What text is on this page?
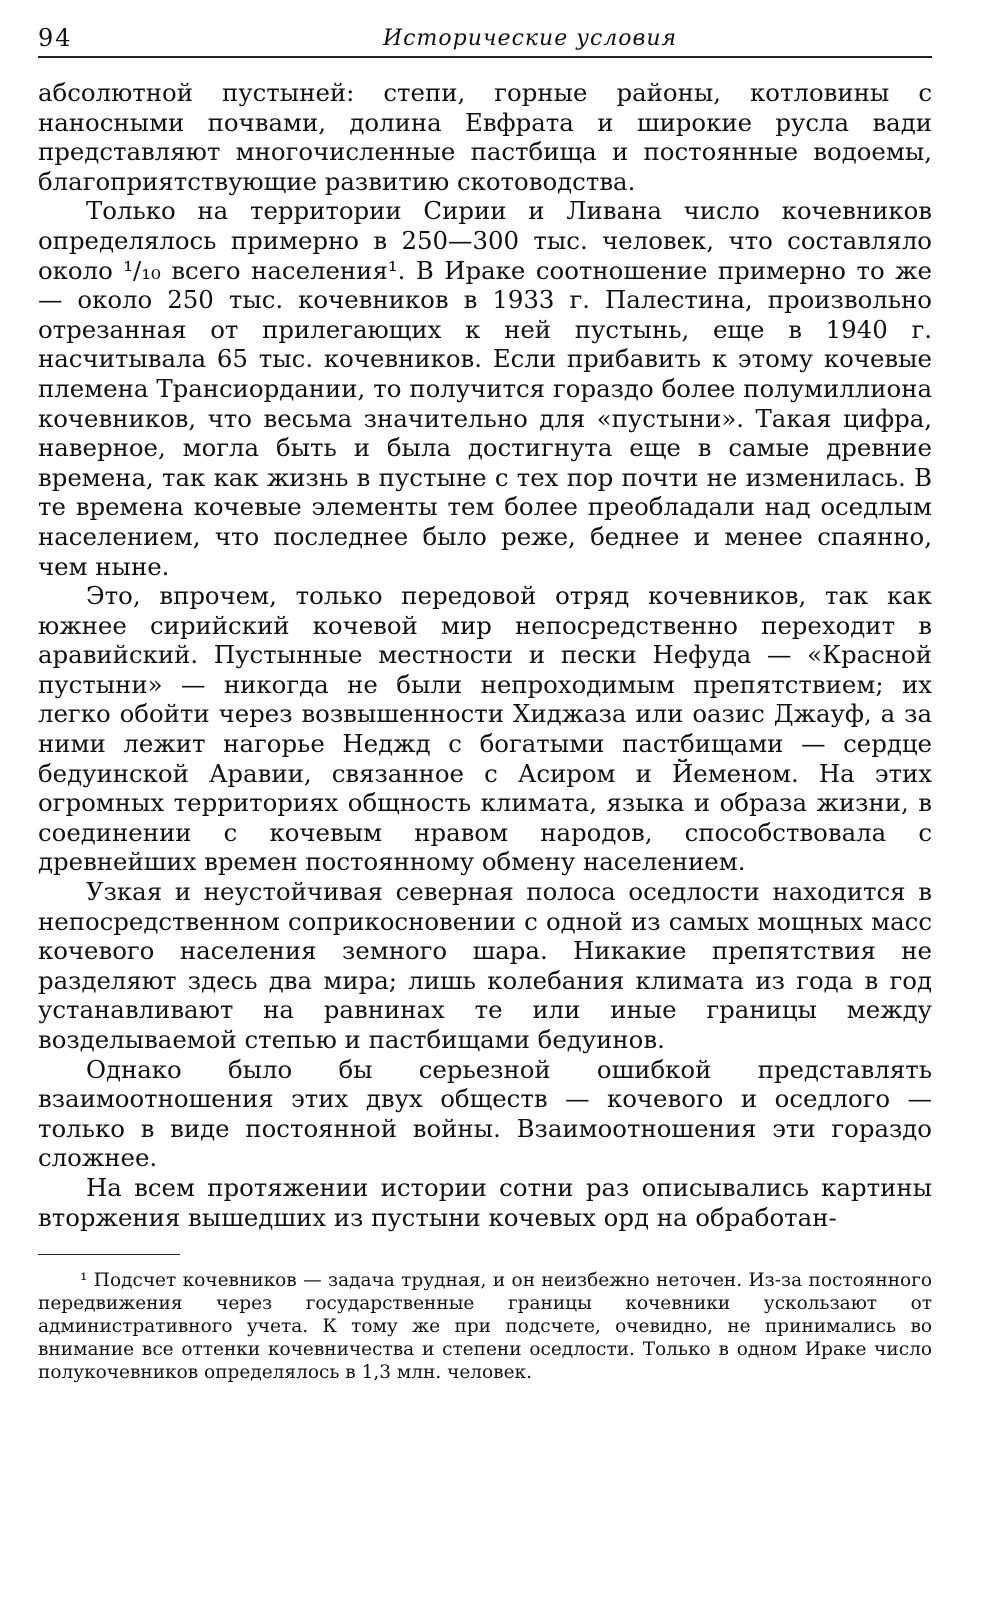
94	Исторические условия

абсолютной пустыней: степи, горные районы, котловины с наносными почвами, долина Евфрата и широкие русла вади представляют многочисленные пастбища и постоянные водоемы, благоприятствующие развитию скотоводства.

Только на территории Сирии и Ливана число кочевников определялось примерно в 250—300 тыс. человек, что составляло около ¹/₁₀ всего населения¹. В Ираке соотношение примерно то же — около 250 тыс. кочевников в 1933 г. Палестина, произвольно отрезанная от прилегающих к ней пустынь, еще в 1940 г. насчитывала 65 тыс. кочевников. Если прибавить к этому кочевые племена Трансиордании, то получится гораздо более полумиллиона кочевников, что весьма значительно для «пустыни». Такая цифра, наверное, могла быть и была достигнута еще в самые древние времена, так как жизнь в пустыне с тех пор почти не изменилась. В те времена кочевые элементы тем более преобладали над оседлым населением, что последнее было реже, беднее и менее спаянно, чем ныне.

Это, впрочем, только передовой отряд кочевников, так как южнее сирийский кочевой мир непосредственно переходит в аравийский. Пустынные местности и пески Нефуда — «Красной пустыни» — никогда не были непроходимым препятствием; их легко обойти через возвышенности Хиджаза или оазис Джауф, а за ними лежит нагорье Неджд с богатыми пастбищами — сердце бедуинской Аравии, связанное с Асиром и Йеменом. На этих огромных территориях общность климата, языка и образа жизни, в соединении с кочевым нравом народов, способствовала с древнейших времен постоянному обмену населением.

Узкая и неустойчивая северная полоса оседлости находится в непосредственном соприкосновении с одной из самых мощных масс кочевого населения земного шара. Никакие препятствия не разделяют здесь два мира; лишь колебания климата из года в год устанавливают на равнинах те или иные границы между возделываемой степью и пастбищами бедуинов.

Однако было бы серьезной ошибкой представлять взаимоотношения этих двух обществ — кочевого и оседлого — только в виде постоянной войны. Взаимоотношения эти гораздо сложнее.

На всем протяжении истории сотни раз описывались картины вторжения вышедших из пустыни кочевых орд на обработан-

¹ Подсчет кочевников — задача трудная, и он неизбежно неточен. Из-за постоянного передвижения через государственные границы кочевники ускользают от административного учета. К тому же при подсчете, очевидно, не принимались во внимание все оттенки кочевничества и степени оседлости. Только в одном Ираке число полукочевников определялось в 1,3 млн. человек.
